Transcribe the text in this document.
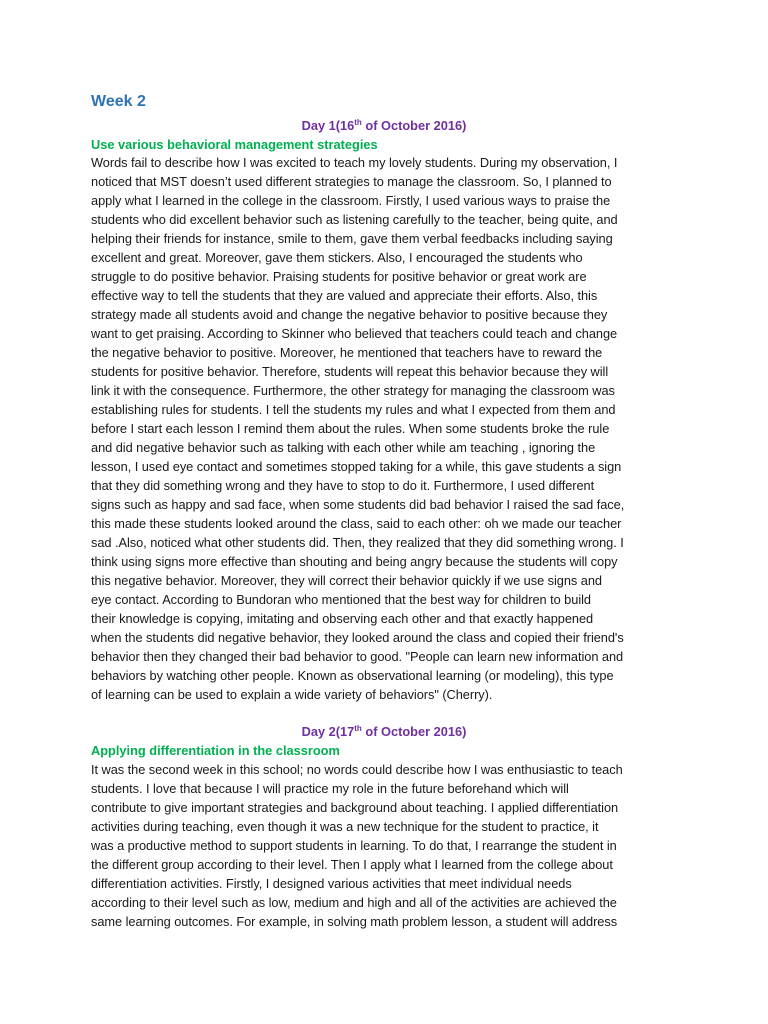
Week 2
Day 1(16th of October 2016)
Use various behavioral management strategies
Words fail to describe how I was excited to teach my lovely students. During my observation, I
noticed that MST doesn’t used different strategies to manage the classroom. So, I planned to
apply what I learned in the college in the classroom. Firstly, I used various ways to praise the
students who did excellent behavior such as listening carefully to the teacher, being quite, and
helping their friends for instance, smile to them, gave them verbal feedbacks including saying
excellent and great. Moreover, gave them stickers. Also, I encouraged the students who
struggle to do positive behavior. Praising students for positive behavior or great work are
effective way to tell the students that they are valued and appreciate their efforts. Also, this
strategy made all students avoid and change the negative behavior to positive because they
want to get praising. According to Skinner who believed that teachers could teach and change
the negative behavior to positive. Moreover, he mentioned that teachers have to reward the
students for positive behavior. Therefore, students will repeat this behavior because they will
link it with the consequence. Furthermore, the other strategy for managing the classroom was
establishing rules for students. I tell the students my rules and what I expected from them and
before I start each lesson I remind them about the rules. When some students broke the rule
and did negative behavior such as talking with each other while am teaching , ignoring the
lesson, I used eye contact and sometimes stopped taking for a while, this gave students a sign
that they did something wrong and they have to stop to do it. Furthermore, I used different
signs such as happy and sad face, when some students did bad behavior I raised the sad face,
this made these students looked around the class, said to each other: oh we made our teacher
sad .Also, noticed what other students did. Then, they realized that they did something wrong. I
think using signs more effective than shouting and being angry because the students will copy
this negative behavior. Moreover, they will correct their behavior quickly if we use signs and
eye contact. According to Bundoran who mentioned that the best way for children to build
their knowledge is copying, imitating and observing each other and that exactly happened
when the students did negative behavior, they looked around the class and copied their friend's
behavior then they changed their bad behavior to good. "People can learn new information and
behaviors by watching other people. Known as observational learning (or modeling), this type
of learning can be used to explain a wide variety of behaviors" (Cherry).
Day 2(17th of October 2016)
Applying differentiation in the classroom
It was the second week in this school; no words could describe how I was enthusiastic to teach
students. I love that because I will practice my role in the future beforehand which will
contribute to give important strategies and background about teaching. I applied differentiation
activities during teaching, even though it was a new technique for the student to practice, it
was a productive method to support students in learning. To do that, I rearrange the student in
the different group according to their level. Then I apply what I learned from the college about
differentiation activities. Firstly, I designed various activities that meet individual needs
according to their level such as low, medium and high and all of the activities are achieved the
same learning outcomes. For example, in solving math problem lesson, a student will address
